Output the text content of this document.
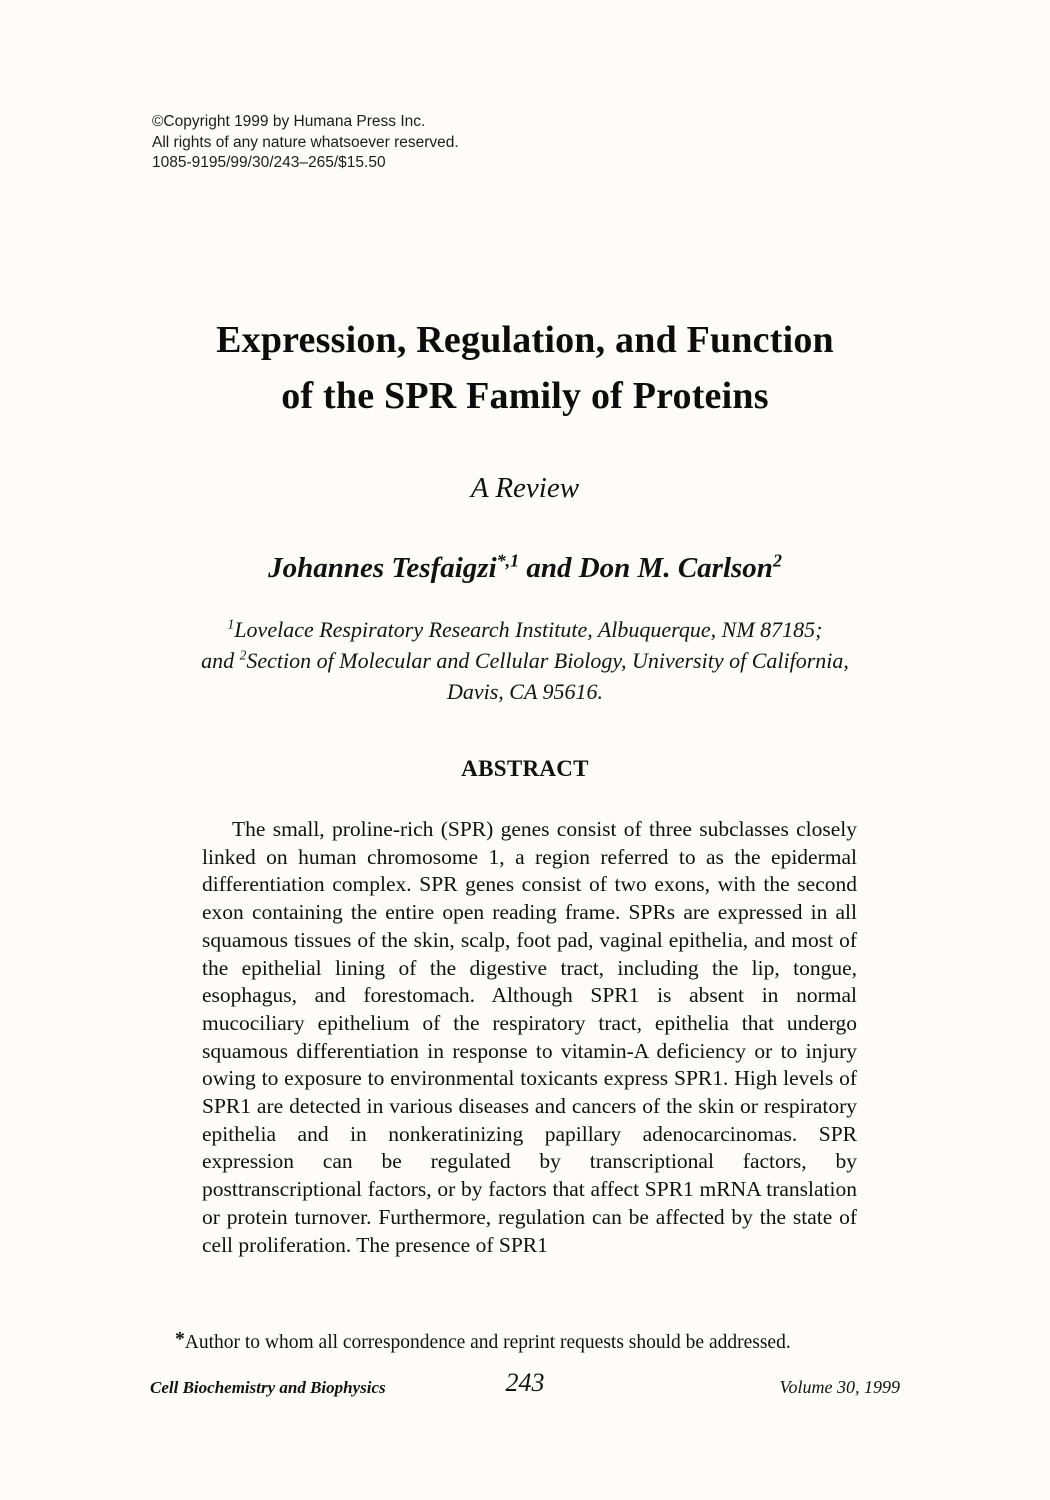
©Copyright 1999 by Humana Press Inc.
All rights of any nature whatsoever reserved.
1085-9195/99/30/243–265/$15.50
Expression, Regulation, and Function
of the SPR Family of Proteins
A Review
Johannes Tesfaigzi$^{*,1}$ and Don M. Carlson$^2$
$^1$Lovelace Respiratory Research Institute, Albuquerque, NM 87185;
and $^2$Section of Molecular and Cellular Biology, University of California,
Davis, CA 95616.
ABSTRACT
The small, proline-rich (SPR) genes consist of three subclasses closely linked on human chromosome 1, a region referred to as the epidermal differentiation complex. SPR genes consist of two exons, with the second exon containing the entire open reading frame. SPRs are expressed in all squamous tissues of the skin, scalp, foot pad, vaginal epithelia, and most of the epithelial lining of the digestive tract, including the lip, tongue, esophagus, and forestomach. Although SPR1 is absent in normal mucociliary epithelium of the respiratory tract, epithelia that undergo squamous differentiation in response to vitamin-A deficiency or to injury owing to exposure to environmental toxicants express SPR1. High levels of SPR1 are detected in various diseases and cancers of the skin or respiratory epithelia and in nonkeratinizing papillary adenocarcinomas. SPR expression can be regulated by transcriptional factors, by posttranscriptional factors, or by factors that affect SPR1 mRNA translation or protein turnover. Furthermore, regulation can be affected by the state of cell proliferation. The presence of SPR1
*Author to whom all correspondence and reprint requests should be addressed.
243
Cell Biochemistry and Biophysics	Volume 30, 1999
